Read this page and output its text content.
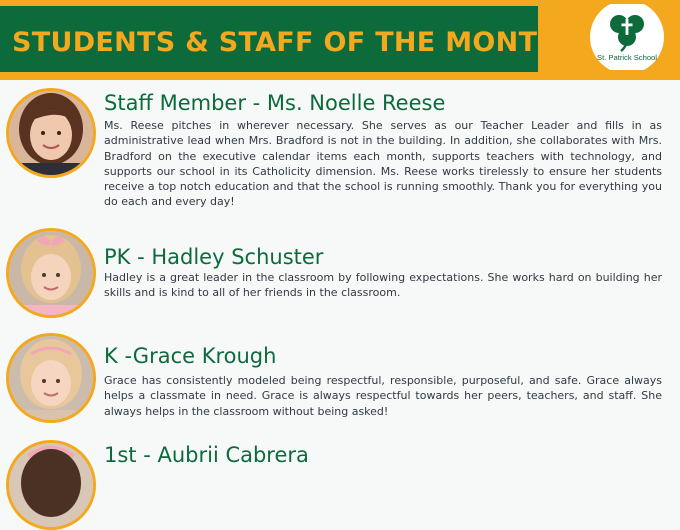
STUDENTS & STAFF OF THE MONTH	St. Patrick School
Staff Member - Ms. Noelle Reese
Ms. Reese pitches in wherever necessary. She serves as our Teacher Leader and fills in as administrative lead when Mrs. Bradford is not in the building. In addition, she collaborates with Mrs. Bradford on the executive calendar items each month, supports teachers with technology, and supports our school in its Catholicity dimension. Ms. Reese works tirelessly to ensure her students receive a top notch education and that the school is running smoothly. Thank you for everything you do each and every day!
PK - Hadley Schuster
Hadley is a great leader in the classroom by following expectations. She works hard on building her skills and is kind to all of her friends in the classroom.
K -Grace Krough
Grace has consistently modeled being respectful, responsible, purposeful, and safe. Grace always helps a classmate in need. Grace is always respectful towards her peers, teachers, and staff. She always helps in the classroom without being asked!
1st - Aubrii Cabrera
